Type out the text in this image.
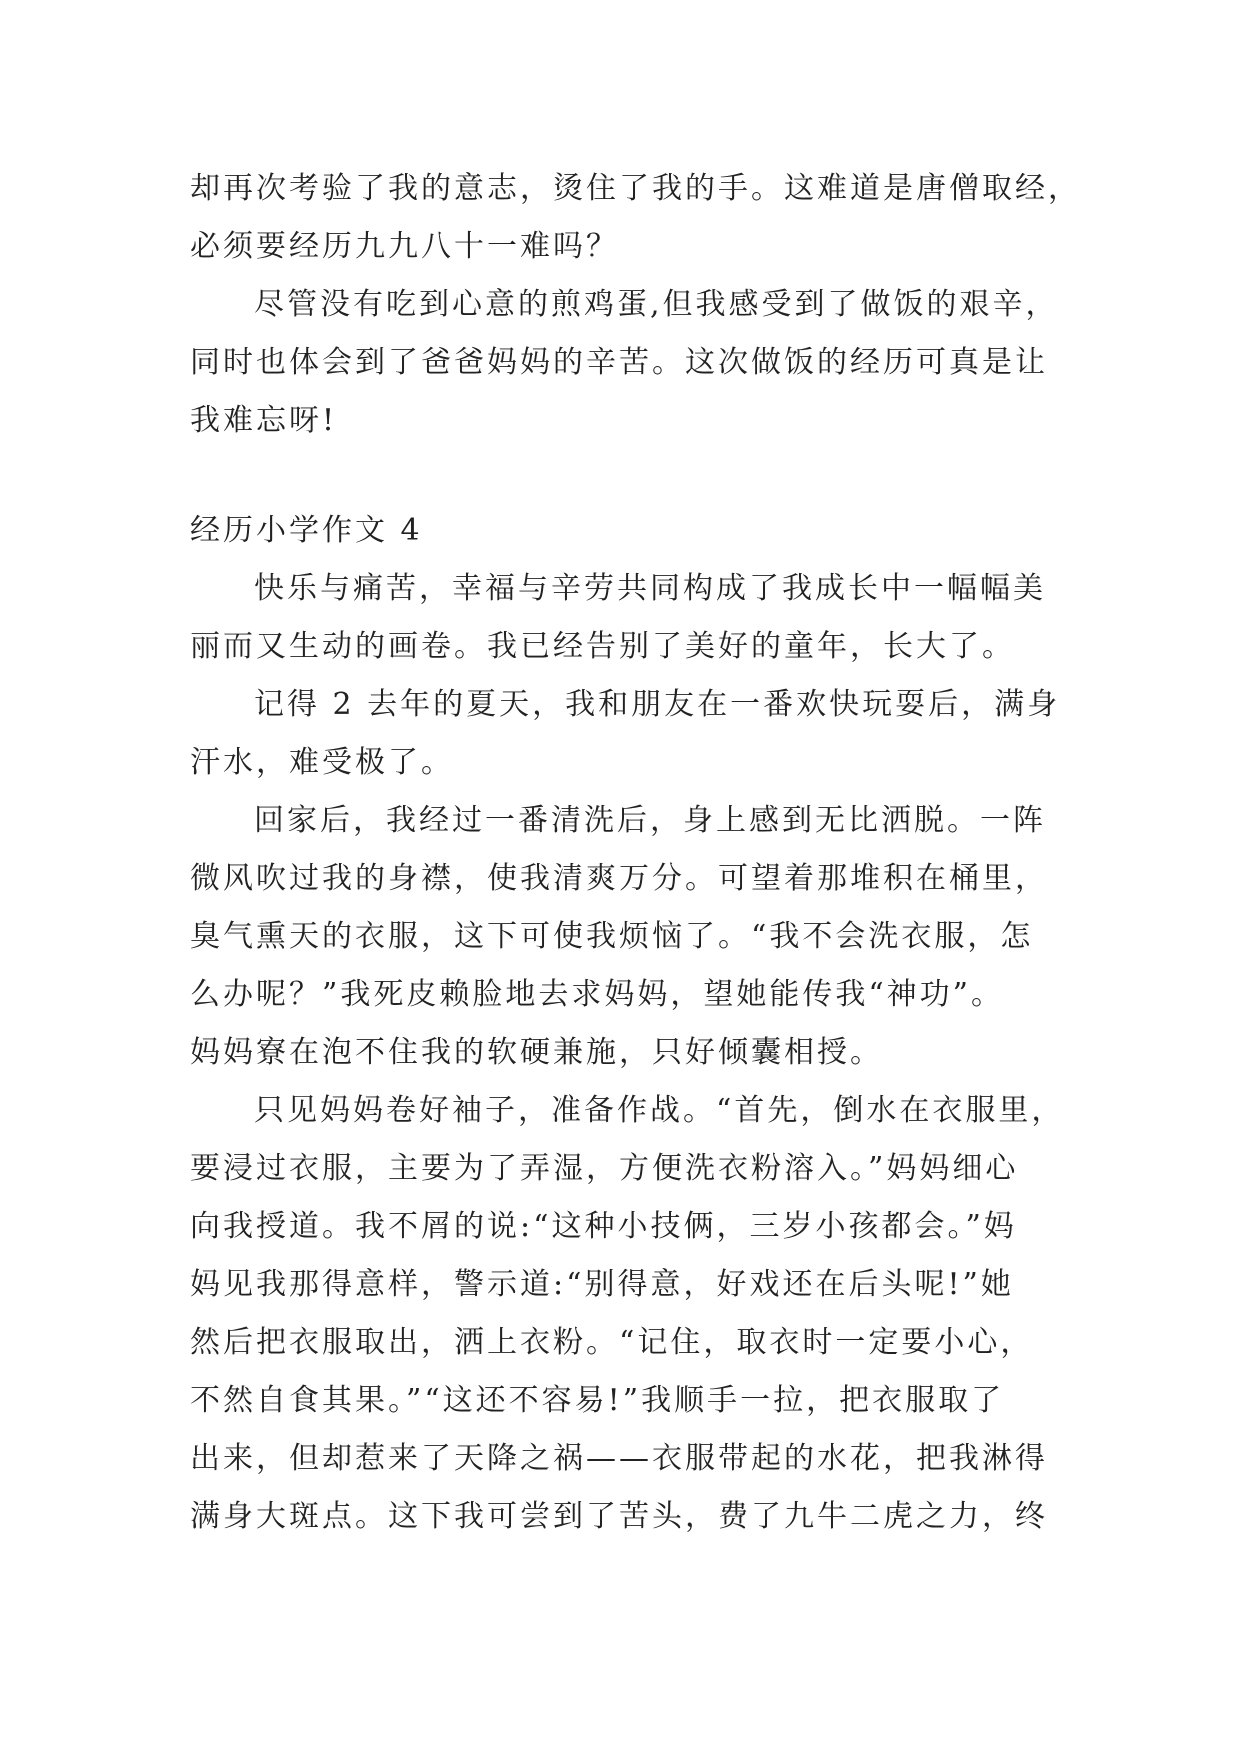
却再次考验了我的意志，烫住了我的手。这难道是唐僧取经，
必须要经历九九八十一难吗？
尽管没有吃到心意的煎鸡蛋,但我感受到了做饭的艰辛，
同时也体会到了爸爸妈妈的辛苦。这次做饭的经历可真是让
我难忘呀!
经历小学作文 4
快乐与痛苦，幸福与辛劳共同构成了我成长中一幅幅美
丽而又生动的画卷。我已经告别了美好的童年，长大了。
记得 2 去年的夏天，我和朋友在一番欢快玩耍后，满身
汗水，难受极了。
回家后，我经过一番清洗后，身上感到无比洒脱。一阵
微风吹过我的身襟，使我清爽万分。可望着那堆积在桶里，
臭气熏天的衣服，这下可使我烦恼了。“我不会洗衣服，怎
么办呢？”我死皮赖脸地去求妈妈，望她能传我“神功”。
妈妈寮在泡不住我的软硬兼施，只好倾囊相授。
只见妈妈卷好袖子，准备作战。“首先，倒水在衣服里，
要浸过衣服，主要为了弄湿，方便洗衣粉溶入。”妈妈细心
向我授道。我不屑的说:“这种小技俩，三岁小孩都会。”妈
妈见我那得意样，警示道:“别得意，好戏还在后头呢!”她
然后把衣服取出，洒上衣粉。“记住，取衣时一定要小心，
不然自食其果。”“这还不容易!”我顺手一拉，把衣服取了
出来，但却惹来了天降之祸——衣服带起的水花，把我淋得
满身大斑点。这下我可尝到了苦头，费了九牛二虎之力，终
